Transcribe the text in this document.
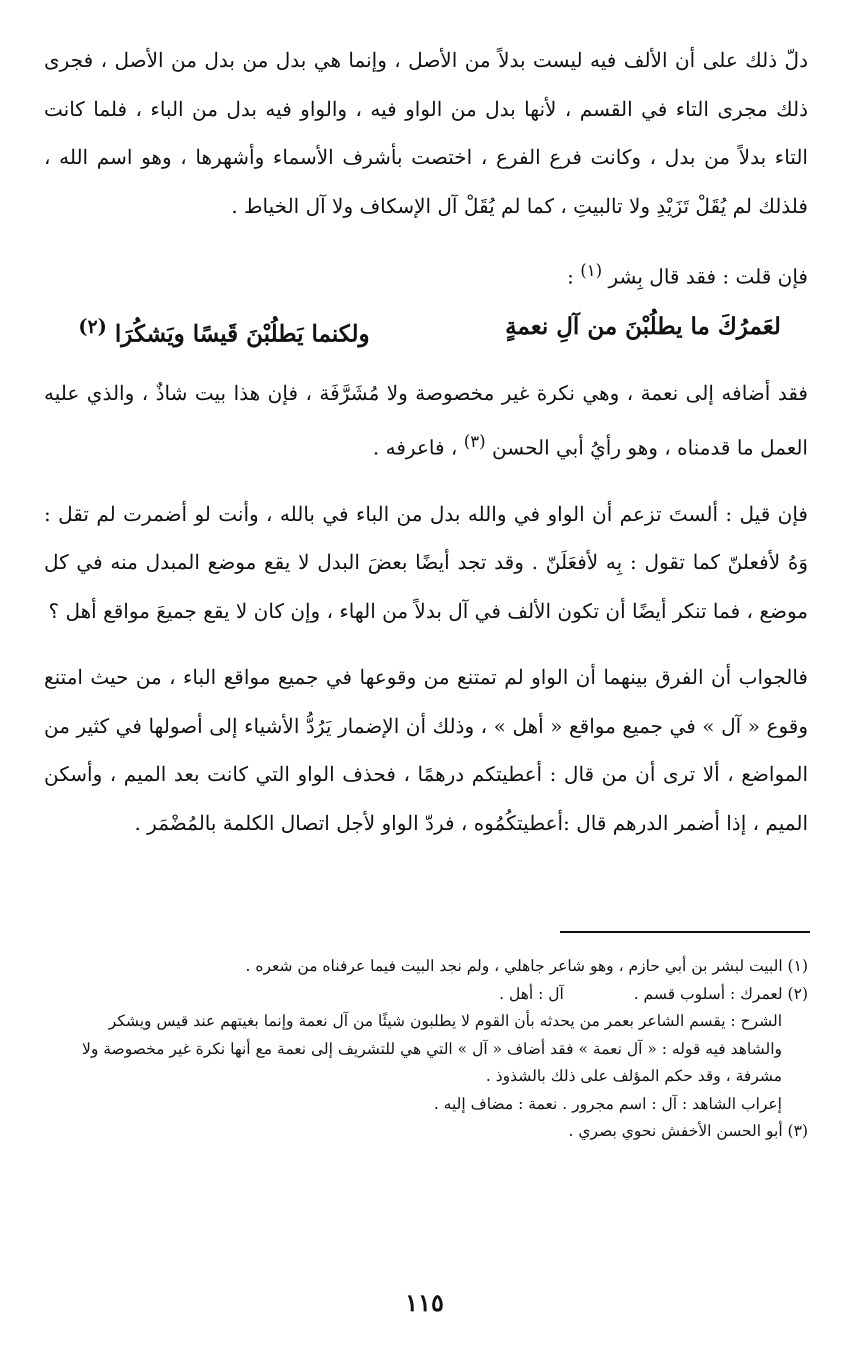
دلّ ذلك على أن الألف فيه ليست بدلاً من الأصل ، وإنما هي بدل من بدل من الأصل ، فجرى ذلك مجرى التاء في القسم ، لأنها بدل من الواو فيه ، والواو فيه بدل من الباء ، فلما كانت التاء بدلاً من بدل ، وكانت فرع الفرع ، اختصت بأشرف الأسماء وأشهرها ، وهو اسم الله ، فلذلك لم يُقَلْ تَزَيْدِ ولا تالبيتِ ، كما لم يُقَلْ آل الإسكاف ولا آل الخياط .

فإن قلت : فقد قال بِشر $^{(١)}$ :
لعَمرُكَ ما يطلُبْنَ من آلِ نعمةٍ
ولكنما يَطلُبْنَ قَيسًا ويَشكُرَا $^{(٢)}$

فقد أضافه إلى نعمة ، وهي نكرة غير مخصوصة ولا مُشَرَّفَة ، فإن هذا بيت شاذٌ ، والذي عليه العمل ما قدمناه ، وهو رأيُ أبي الحسن $^{(٣)}$ ، فاعرفه .

فإن قيل : ألستَ تزعم أن الواو في والله بدل من الباء في بالله ، وأنت لو أضمرت لم تقل : وَهُ لأفعلنّ كما تقول : بِه لأفعَلَنّ . وقد تجد أيضًا بعضَ البدل لا يقع موضع المبدل منه في كل موضع ، فما تنكر أيضًا أن تكون الألف في آل بدلاً من الهاء ، وإن كان لا يقع جميعَ مواقع أهل ؟

فالجواب أن الفرق بينهما أن الواو لم تمتنع من وقوعها في جميع مواقع الباء ، من حيث امتنع وقوع « آل » في جميع مواقع « أهل » ، وذلك أن الإضمار يَرُدُّ الأشياء إلى أصولها في كثير من المواضع ، ألا ترى أن من قال : أعطيتكم درهمًا ، فحذف الواو التي كانت بعد الميم ، وأسكن الميم ، إذا أضمر الدرهم قال :أعطيتكُمُوه ، فردّ الواو لأجل اتصال الكلمة بالمُضْمَر .

(١) البيت لبشر بن أبي حازم ، وهو شاعر جاهلي ، ولم نجد البيت فيما عرفناه من شعره .
(٢) لعمرك : أسلوب قسم .  آل : أهل .
الشرح : يقسم الشاعر بعمر من يحدثه بأن القوم لا يطلبون شيئًا من آل نعمة وإنما بغيتهم عند قيس ويشكر
والشاهد فيه قوله : « آل نعمة » فقد أضاف « آل » التي هي للتشريف إلى نعمة مع أنها نكرة غير مخصوصة ولا مشرفة ، وقد حكم المؤلف على ذلك بالشذوذ .
إعراب الشاهد : آل : اسم مجرور . نعمة : مضاف إليه .
(٣) أبو الحسن الأخفش نحوي بصري .
١١٥
